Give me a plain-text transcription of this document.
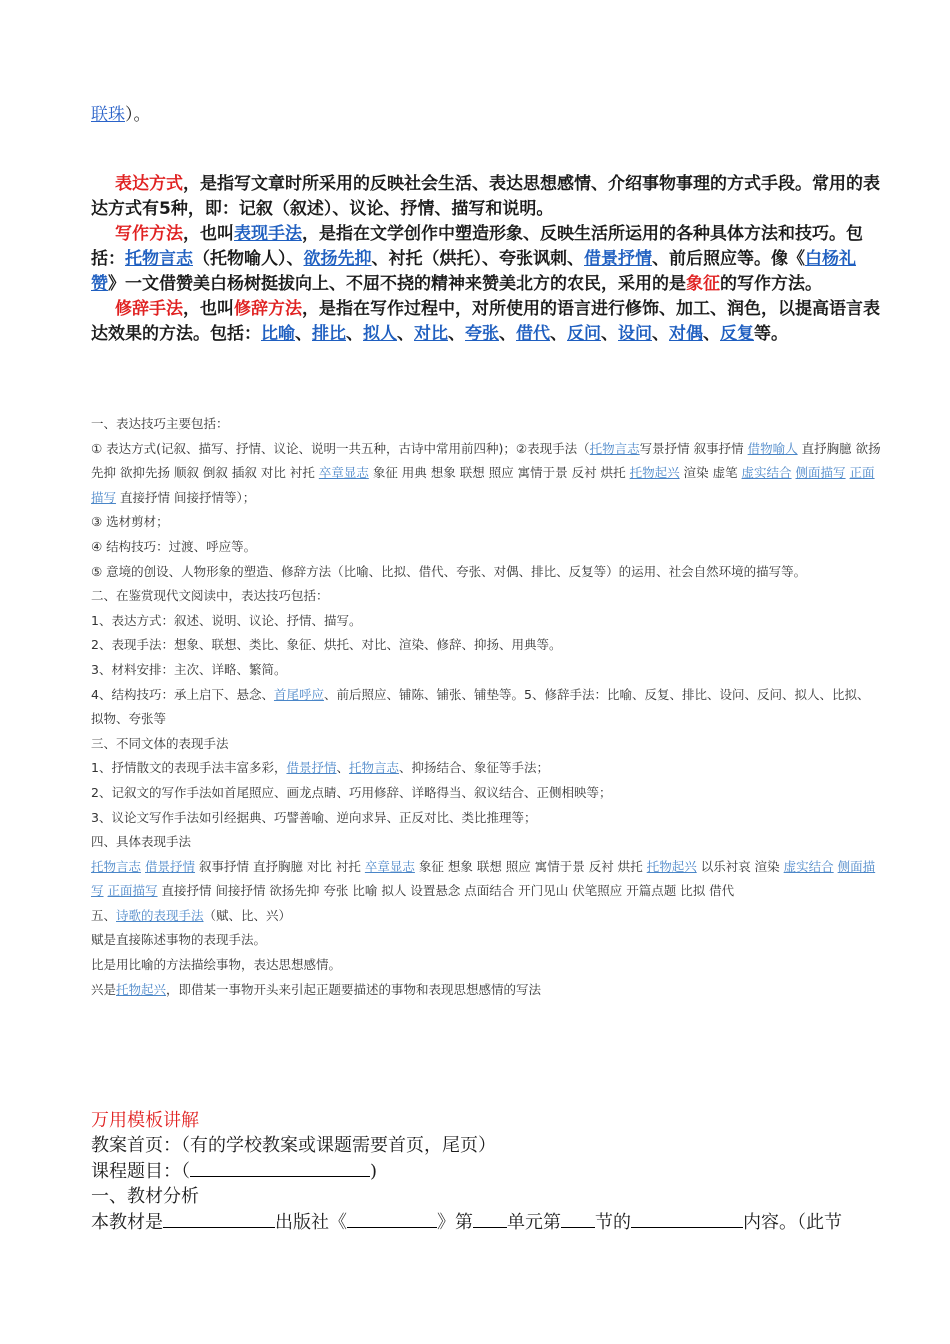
联珠）。

表达方式，是指写文章时所采用的反映社会生活、表达思想感情、介绍事物事理的方式手段。常用的表达方式有5种，即：记叙（叙述）、议论、抒情、描写和说明。

写作方法，也叫表现手法，是指在文学创作中塑造形象、反映生活所运用的各种具体方法和技巧。包括：托物言志（托物喻人）、欲扬先抑、衬托（烘托）、夸张讽刺、借景抒情、前后照应等。像《白杨礼赞》一文借赞美白杨树挺拔向上、不屈不挠的精神来赞美北方的农民，采用的是象征的写作方法。

修辞手法，也叫修辞方法，是指在写作过程中，对所使用的语言进行修饰、加工、润色，以提高语言表达效果的方法。包括：比喻、排比、拟人、对比、夸张、借代、反问、设问、对偶、反复等。

一、表达技巧主要包括：

① 表达方式(记叙、描写、抒情、议论、说明一共五种，古诗中常用前四种)；②表现手法（托物言志写景抒情 叙事抒情 借物喻人 直抒胸臆 欲扬先抑 欲抑先扬 顺叙 倒叙 插叙 对比 衬托 卒章显志 象征 用典 想象 联想 照应 寓情于景 反衬 烘托 托物起兴 渲染 虚笔 虚实结合 侧面描写 正面描写 直接抒情 间接抒情等）；

③ 选材剪材；

④ 结构技巧：过渡、呼应等。

⑤ 意境的创设、人物形象的塑造、修辞方法（比喻、比拟、借代、夸张、对偶、排比、反复等）的运用、社会自然环境的描写等。

二、在鉴赏现代文阅读中，表达技巧包括：

1、表达方式：叙述、说明、议论、抒情、描写。

2、表现手法：想象、联想、类比、象征、烘托、对比、渲染、修辞、抑扬、用典等。

3、材料安排：主次、详略、繁简。

4、结构技巧：承上启下、悬念、首尾呼应、前后照应、铺陈、铺张、铺垫等。5、修辞手法：比喻、反复、排比、设问、反问、拟人、比拟、拟物、夸张等

三、不同文体的表现手法

1、抒情散文的表现手法丰富多彩，借景抒情、托物言志、抑扬结合、象征等手法；

2、记叙文的写作手法如首尾照应、画龙点睛、巧用修辞、详略得当、叙议结合、正侧相映等；

3、议论文写作手法如引经据典、巧譬善喻、逆向求异、正反对比、类比推理等；

四、具体表现手法

托物言志 借景抒情 叙事抒情 直抒胸臆 对比 衬托 卒章显志 象征 想象 联想 照应 寓情于景 反衬 烘托 托物起兴 以乐衬哀 渲染 虚实结合 侧面描写 正面描写 直接抒情 间接抒情 欲扬先抑 夸张 比喻 拟人 设置悬念 点面结合 开门见山 伏笔照应 开篇点题 比拟 借代

五、诗歌的表现手法（赋、比、兴）

赋是直接陈述事物的表现手法。

比是用比喻的方法描绘事物，表达思想感情。

兴是托物起兴，即借某一事物开头来引起正题要描述的事物和表现思想感情的写法

万用模板讲解

教案首页：（有的学校教案或课题需要首页，尾页）

课程题目：（	)

一、教材分析

本教材是	出版社《	》第 单元第 节的	内容。（此节
